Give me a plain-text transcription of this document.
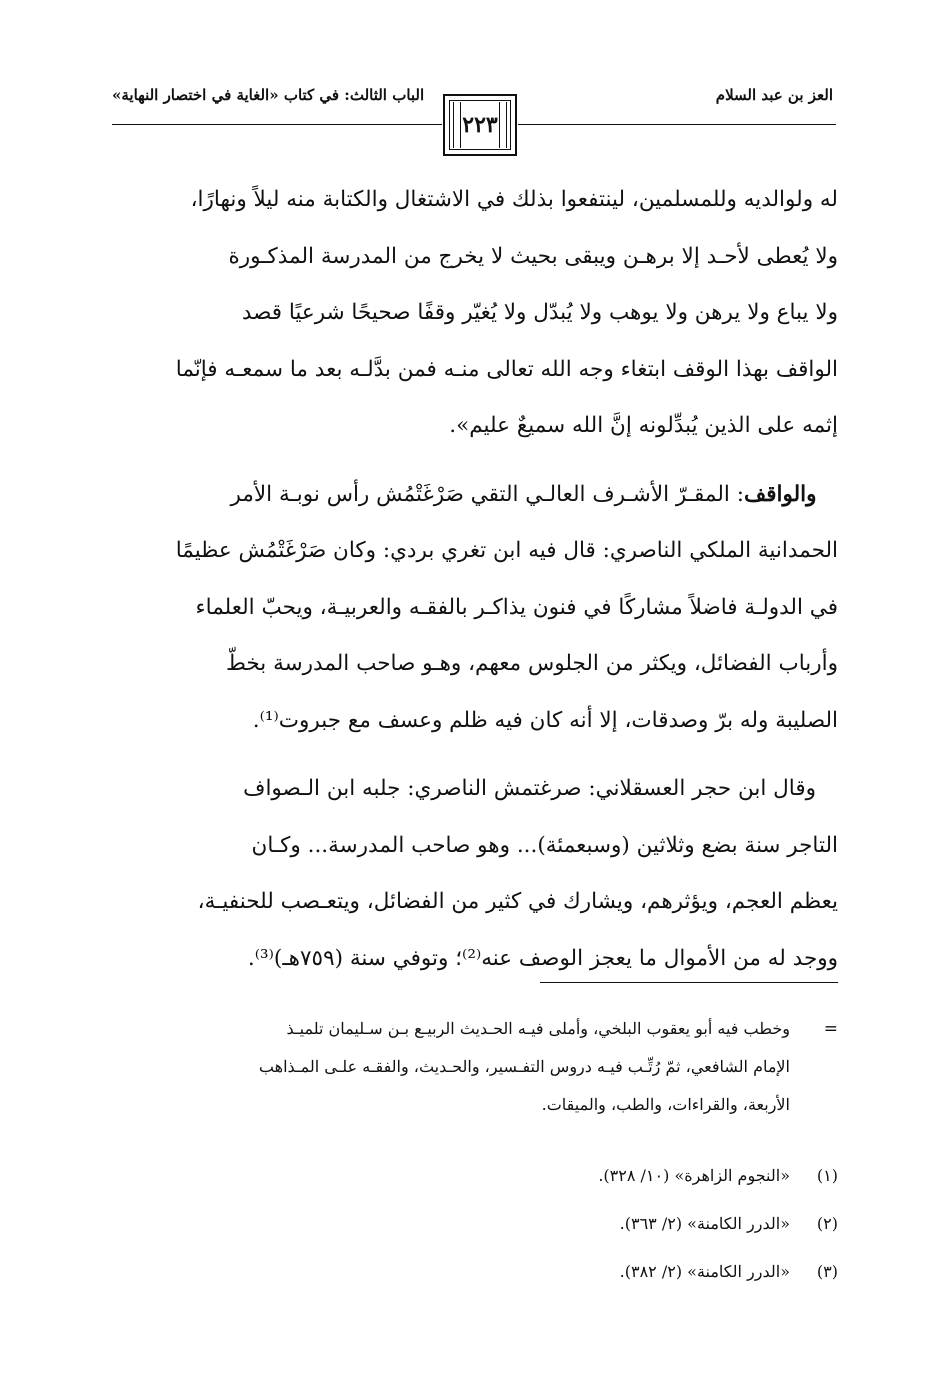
العز بن عبد السلام
الباب الثالث: في كتاب «الغاية في اختصار النهاية»
٢٢٣

له ولوالديه وللمسلمين، لينتفعوا بذلك في الاشتغال والكتابة منه ليلاً ونهارًا،
ولا يُعطى لأحـد إلا برهـن ويبقى بحيث لا يخرج من المدرسة المذكـورة
ولا يباع ولا يرهن ولا يوهب ولا يُبدّل ولا يُغيّر وقفًا صحيحًا شرعيًا قصد
الواقف بهذا الوقف ابتغاء وجه الله تعالى منـه فمن بدَّلـه بعد ما سمعـه فإنّما
إثمه على الذين يُبدِّلونه إنَّ الله سميعٌ عليم».

 والواقف: المقـرّ الأشـرف العالـي التقي صَرْغَتْمُش رأس نوبـة الأمر
الحمدانية الملكي الناصري: قال فيه ابن تغري بردي: وكان صَرْغَتْمُش عظيمًا
في الدولـة فاضلاً مشاركًا في فنون يذاكـر بالفقـه والعربيـة، ويحبّ العلماء
وأرباب الفضائل، ويكثر من الجلوس معهم، وهـو صاحب المدرسة بخطّ
الصليبة وله برّ وصدقات، إلا أنه كان فيه ظلم وعسف مع جبروت⁽¹⁾.

وقال ابن حجر العسقلاني: صرغتمش الناصري: جلبه ابن الـصواف
التاجر سنة بضع وثلاثين (وسبعمئة)... وهو صاحب المدرسة... وكـان
يعظم العجم، ويؤثرهم، ويشارك في كثير من الفضائل، ويتعـصب للحنفيـة،
ووجد له من الأموال ما يعجز الوصف عنه⁽²⁾؛ وتوفي سنة (٧٥٩هـ)⁽³⁾.

=
وخطب فيه أبو يعقوب البلخي، وأملى فيـه الحـديث الربيـع بـن سـليمان تلميـذ
الإمام الشافعي، ثمّ رُتِّـب فيـه دروس التفـسير، والحـديث، والفقـه علـى المـذاهب
الأربعة، والقراءات، والطب، والميقات.
(١)«النجوم الزاهرة» (١٠/ ٣٢٨).
(٢)«الدرر الكامنة» (٢/ ٣٦٣).
(٣)«الدرر الكامنة» (٢/ ٣٨٢).
